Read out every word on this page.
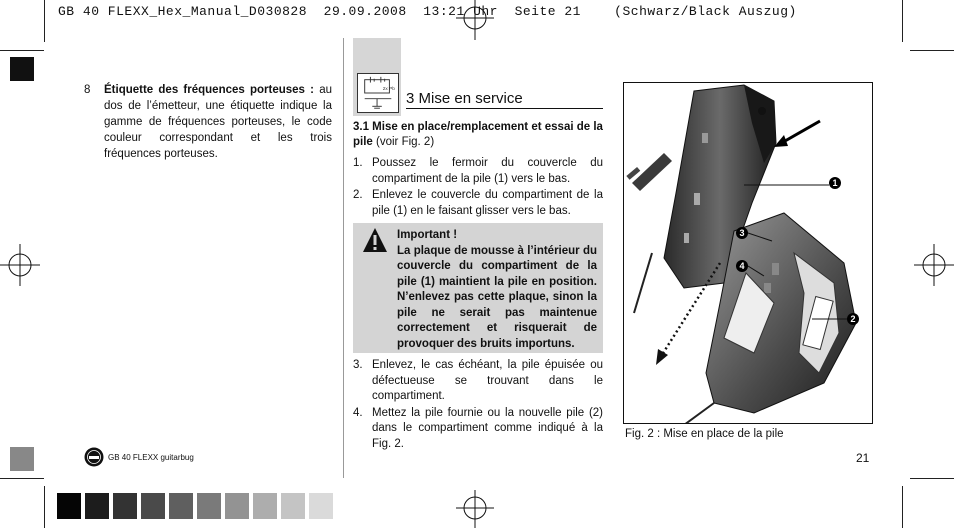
GB 40 FLEXX_Hex_Manual_D030828  29.09.2008  13:21 Uhr  Seite 21    (Schwarz/Black Auszug)
8 Étiquette des fréquences porteuses : au dos de l’émetteur, une étiquette indique la gamme de fréquences porteuses, le code couleur correspondant et les trois fréquences porteuses.
2x Pb
3 Mise en service
3.1 Mise en place/remplacement et essai de la pile (voir Fig. 2)
1. Poussez le fermoir du couvercle du compartiment de la pile (1) vers le bas.
2. Enlevez le couvercle du compartiment de la pile (1) en le faisant glisser vers le bas.
Important !
La plaque de mousse à l’intérieur du couvercle du compartiment de la pile (1) maintient la pile en position. N’enlevez pas cette plaque, sinon la pile ne serait pas maintenue correctement et risquerait de provoquer des bruits importuns.
3. Enlevez, le cas échéant, la pile épuisée ou défectueuse se trouvant dans le compartiment.
4. Mettez la pile fournie ou la nouvelle pile (2) dans le compartiment comme indiqué à la Fig. 2.
1
2
3
4
Fig. 2 : Mise en place de la pile
21
GB 40 FLEXX guitarbug
